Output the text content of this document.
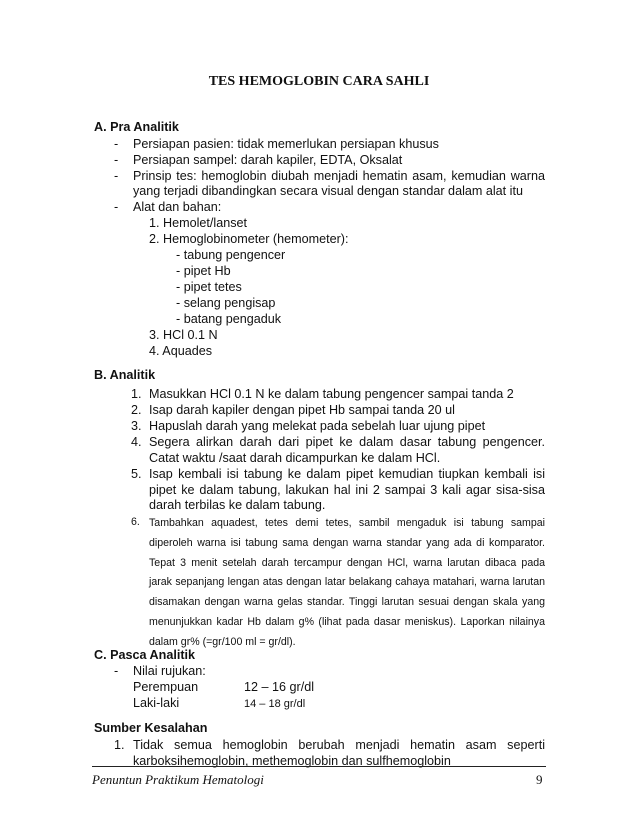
TES HEMOGLOBIN CARA SAHLI
A. Pra Analitik
- Persiapan pasien: tidak memerlukan persiapan khusus
- Persiapan sampel: darah kapiler, EDTA, Oksalat
- Prinsip tes: hemoglobin diubah menjadi hematin asam, kemudian warna
yang terjadi dibandingkan secara visual dengan standar dalam alat itu
- Alat dan bahan:
1. Hemolet/lanset
2. Hemoglobinometer (hemometer):
- tabung pengencer
- pipet Hb
- pipet tetes
- selang pengisap
- batang pengaduk
3. HCl 0.1 N
4. Aquades
B. Analitik
1. Masukkan HCl 0.1 N ke dalam tabung pengencer sampai tanda 2
2. Isap darah kapiler dengan pipet Hb sampai tanda 20 ul
3. Hapuslah darah yang melekat pada sebelah luar ujung pipet
4. Segera alirkan darah dari pipet ke dalam dasar tabung pengencer. Catat waktu /saat darah dicampurkan ke dalam HCl.
5. Isap kembali isi tabung ke dalam pipet kemudian tiupkan kembali isi pipet ke dalam tabung, lakukan hal ini 2 sampai 3 kali agar sisa-sisa darah terbilas ke dalam tabung.
6. Tambahkan aquadest, tetes demi tetes, sambil mengaduk isi tabung sampai diperoleh warna isi tabung sama dengan warna standar yang ada di komparator. Tepat 3 menit setelah darah tercampur dengan HCl, warna larutan dibaca pada jarak sepanjang lengan atas dengan latar belakang cahaya matahari, warna larutan disamakan dengan warna gelas standar. Tinggi larutan sesuai dengan skala yang menunjukkan kadar Hb dalam g% (lihat pada dasar meniskus). Laporkan nilainya dalam gr% (=gr/100 ml = gr/dl).
C. Pasca Analitik
- Nilai rujukan:
Perempuan	12 – 16 gr/dl
Laki-laki	14 – 18 gr/dl
Sumber Kesalahan
1. Tidak semua hemoglobin berubah menjadi hematin asam seperti karboksihemoglobin, methemoglobin dan sulfhemoglobin
Penuntun Praktikum Hematologi	9
